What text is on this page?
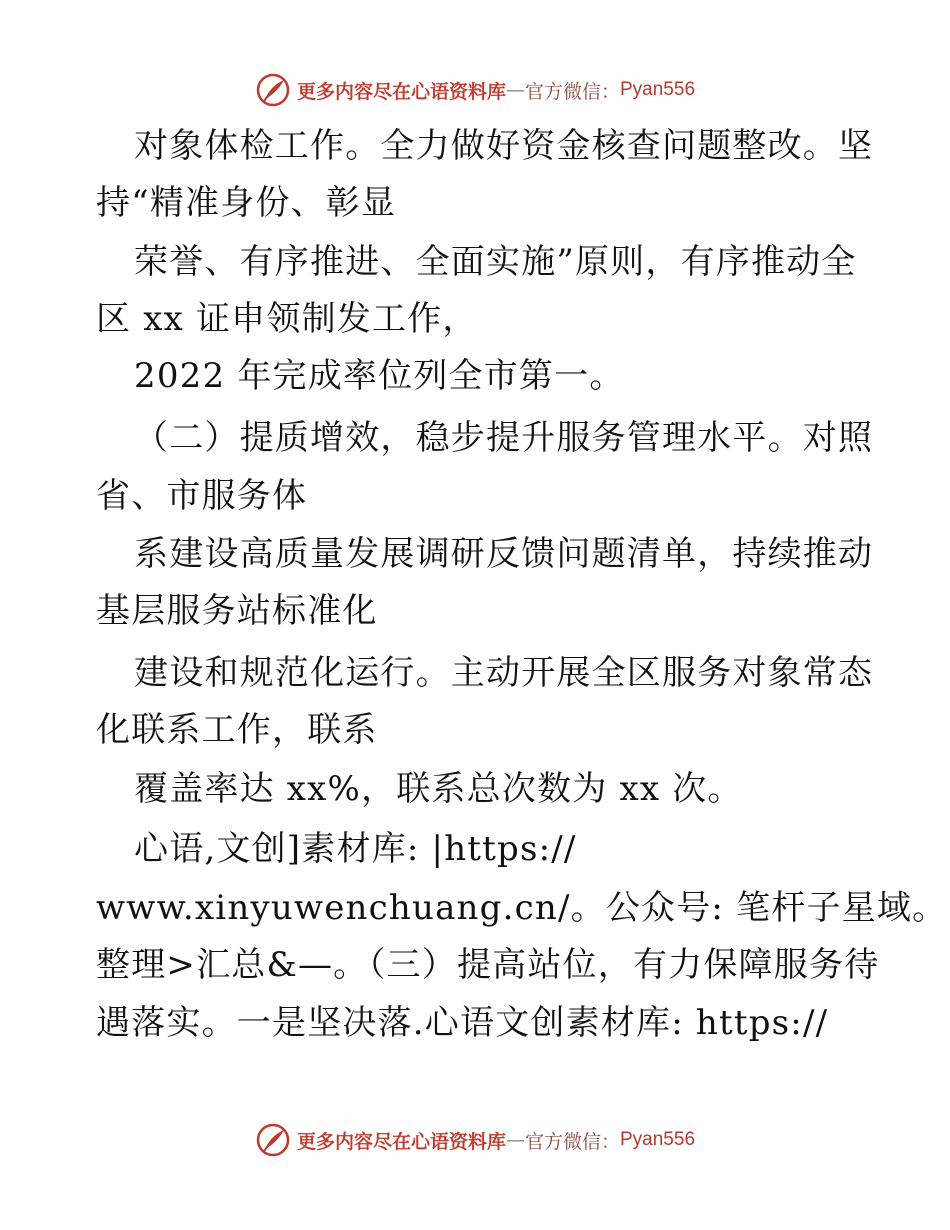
更多内容尽在心语资料库 — 官方微信： Pyan556
对象体检工作。全力做好资金核查问题整改。坚
持“精准身份、彰显
荣誉、有序推进、全面实施”原则，有序推动全
区 xx 证申领制发工作，
2022 年完成率位列全市第一。
（二）提质增效，稳步提升服务管理水平。对照
省、市服务体
系建设高质量发展调研反馈问题清单，持续推动
基层服务站标准化
建设和规范化运行。主动开展全区服务对象常态
化联系工作，联系
覆盖率达 xx%，联系总次数为 xx 次。
心语,文创]素材库: |https://
www.xinyuwenchuang.cn/。公众号: 笔杆子星域。
整理>汇总&—。（三）提高站位，有力保障服务待
遇落实。一是坚决落.心语文创素材库: https://
更多内容尽在心语资料库 — 官方微信： Pyan556
